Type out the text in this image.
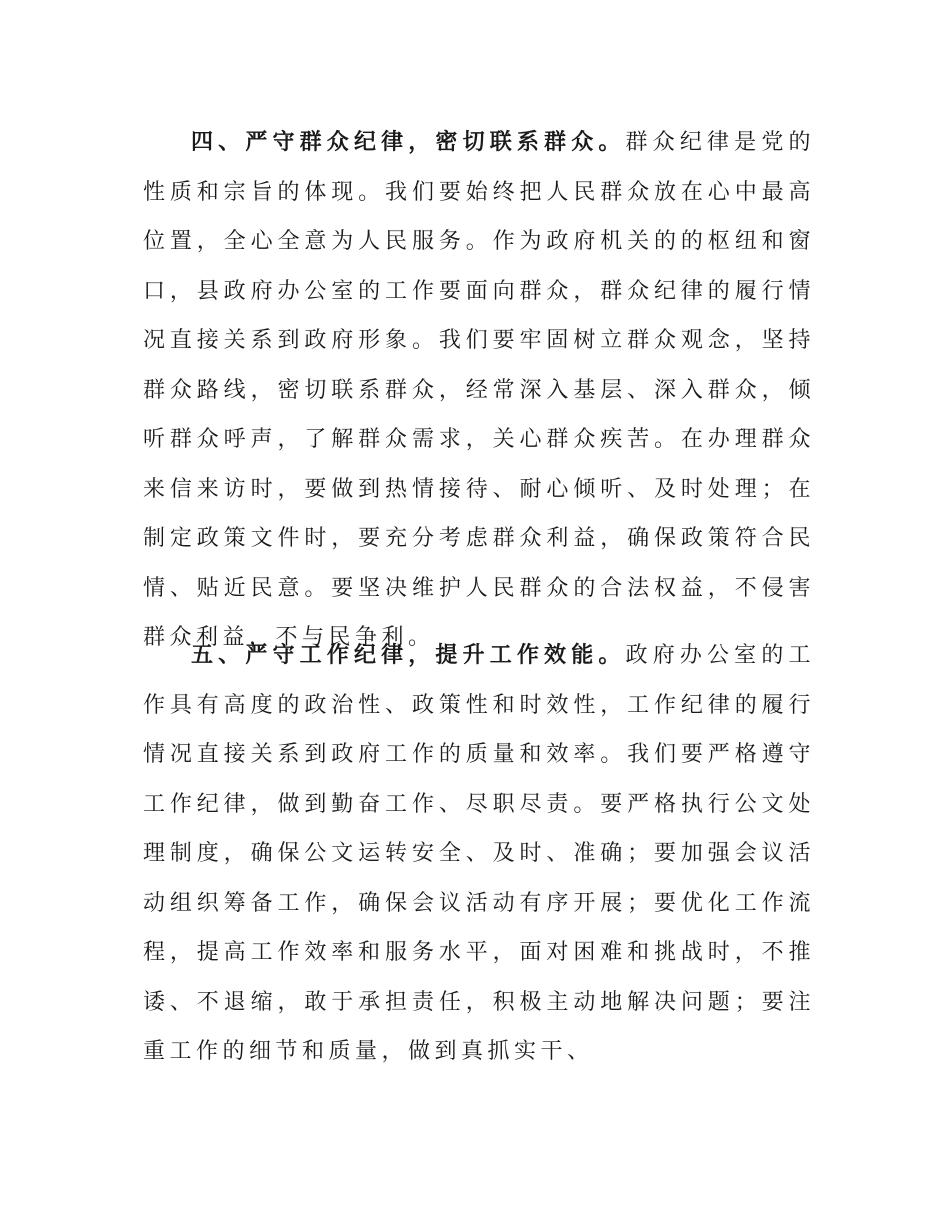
四、严守群众纪律，密切联系群众。群众纪律是党的性质和宗旨的体现。我们要始终把人民群众放在心中最高位置，全心全意为人民服务。作为政府机关的的枢纽和窗口，县政府办公室的工作要面向群众，群众纪律的履行情况直接关系到政府形象。我们要牢固树立群众观念，坚持群众路线，密切联系群众，经常深入基层、深入群众，倾听群众呼声，了解群众需求，关心群众疾苦。在办理群众来信来访时，要做到热情接待、耐心倾听、及时处理；在制定政策文件时，要充分考虑群众利益，确保政策符合民情、贴近民意。要坚决维护人民群众的合法权益，不侵害群众利益，不与民争利。

五、严守工作纪律，提升工作效能。政府办公室的工作具有高度的政治性、政策性和时效性，工作纪律的履行情况直接关系到政府工作的质量和效率。我们要严格遵守工作纪律，做到勤奋工作、尽职尽责。要严格执行公文处理制度，确保公文运转安全、及时、准确；要加强会议活动组织筹备工作，确保会议活动有序开展；要优化工作流程，提高工作效率和服务水平，面对困难和挑战时，不推诿、不退缩，敢于承担责任，积极主动地解决问题；要注重工作的细节和质量，做到真抓实干、
